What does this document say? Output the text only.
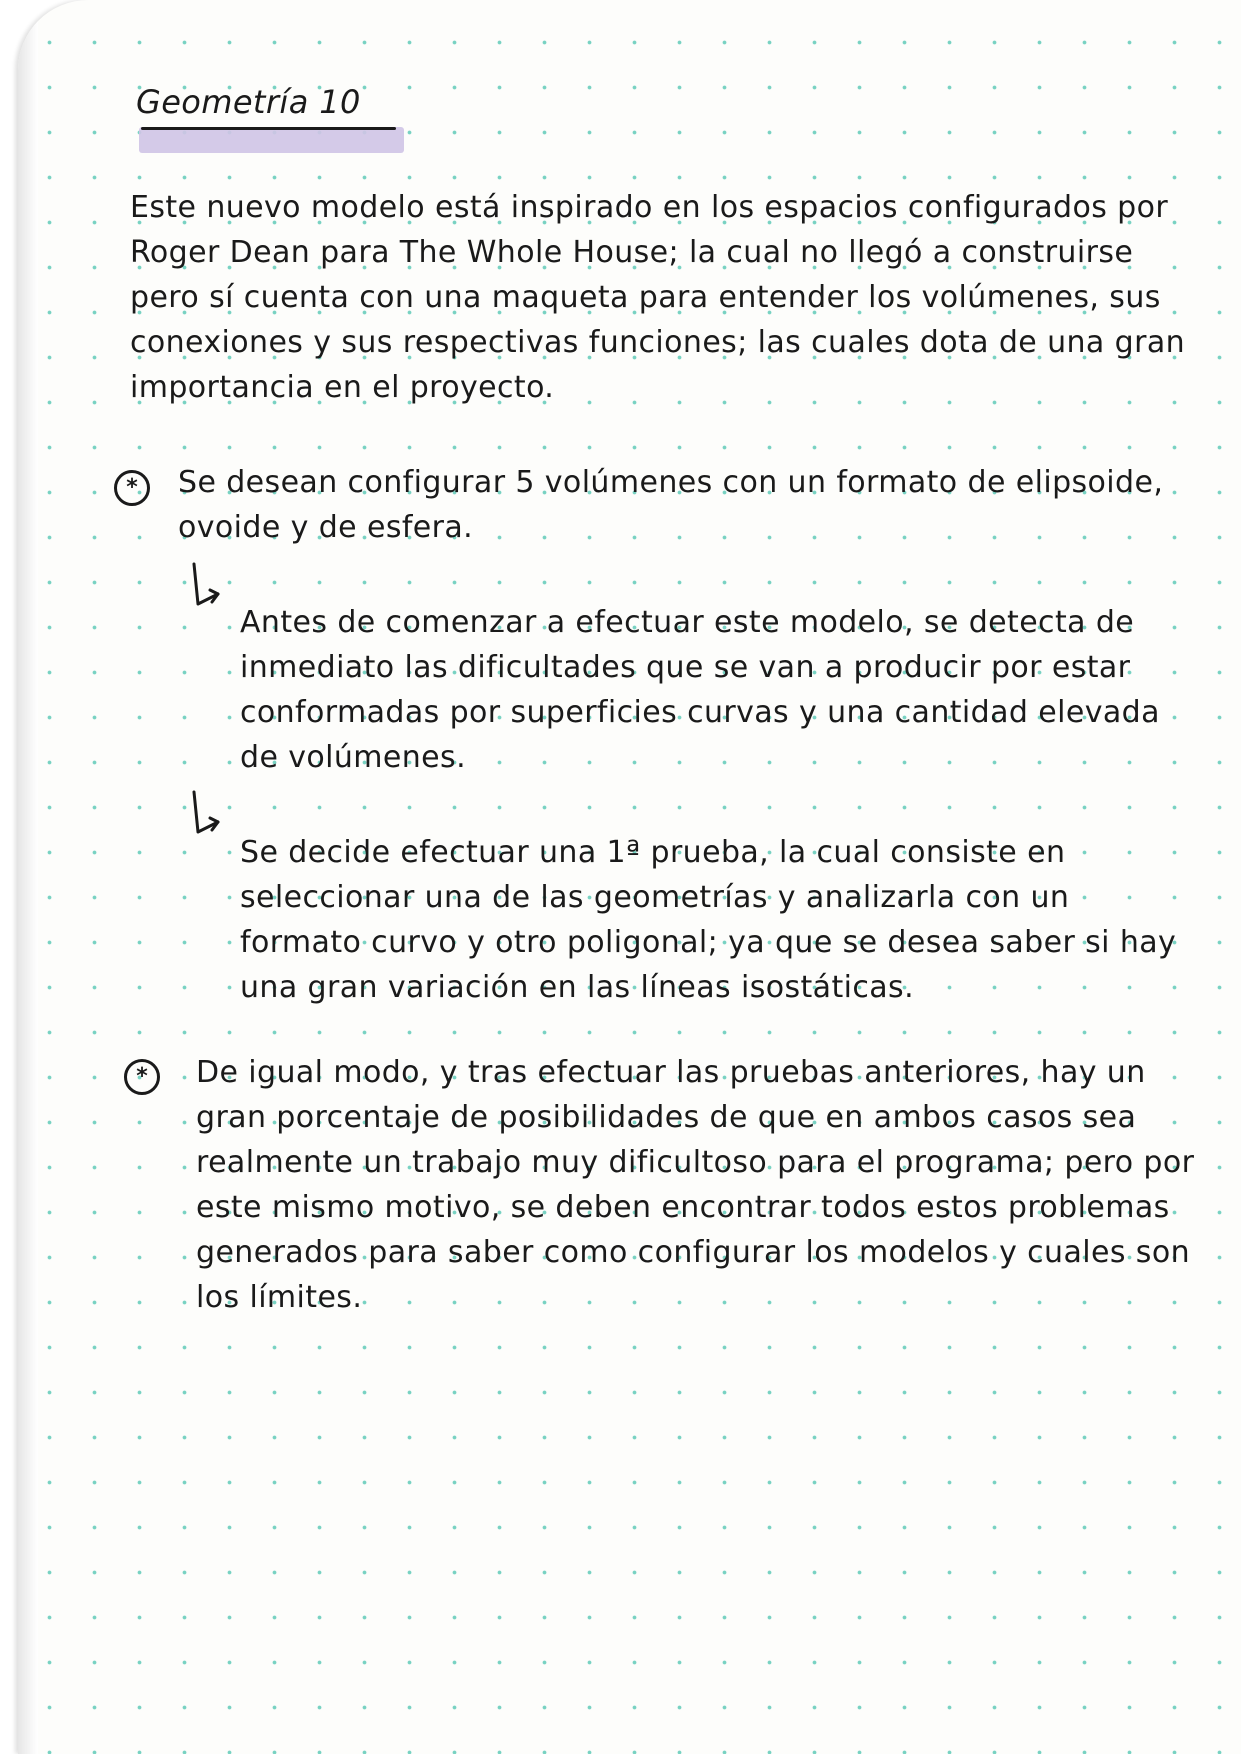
Geometría 10

Este nuevo modelo está inspirado en los espacios configurados por Roger Dean para The Whole House; la cual no llegó a construirse pero sí cuenta con una maqueta para entender los volúmenes, sus conexiones y sus respectivas funciones; las cuales dota de una gran importancia en el proyecto.

*	Se desean configurar 5 volúmenes con un formato de elipsoide, ovoide y de esfera.

Antes de comenzar a efectuar este modelo, se detecta de inmediato las dificultades que se van a producir por estar conformadas por superficies curvas y una cantidad elevada de volúmenes.

Se decide efectuar una 1ª prueba, la cual consiste en seleccionar una de las geometrías y analizarla con un formato curvo y otro poligonal; ya que se desea saber si hay una gran variación en las líneas isostáticas.

*	De igual modo, y tras efectuar las pruebas anteriores, hay un gran porcentaje de posibilidades de que en ambos casos sea realmente un trabajo muy dificultoso para el programa; pero por este mismo motivo, se deben encontrar todos estos problemas generados para saber como configurar los modelos y cuales son los límites.
